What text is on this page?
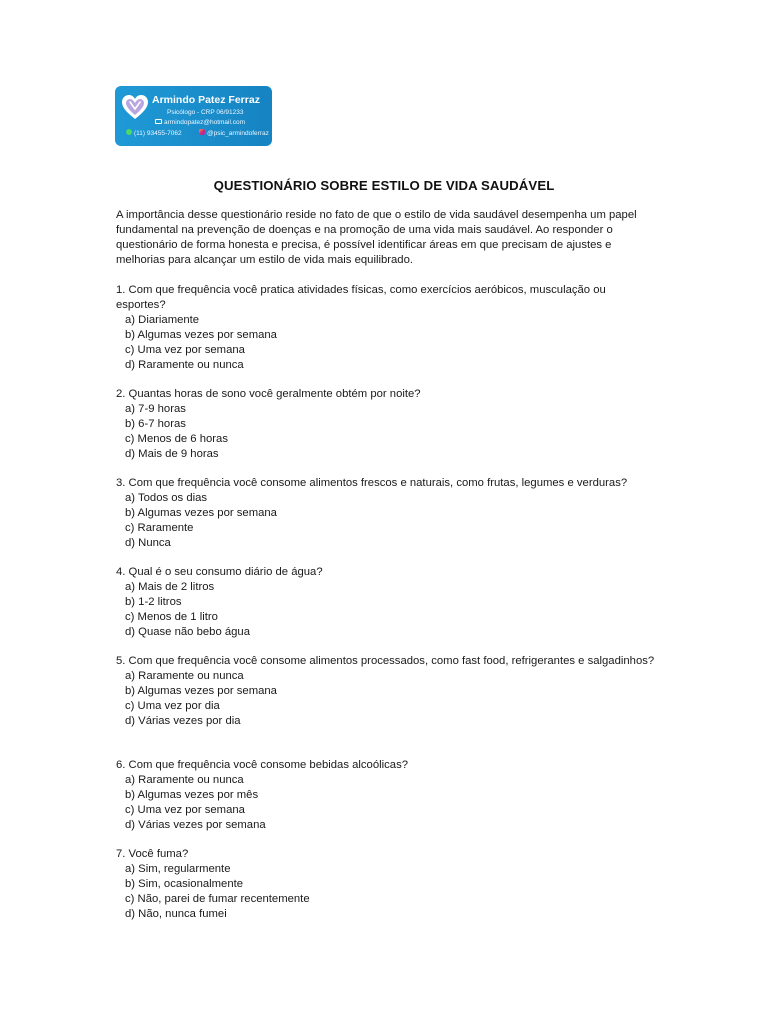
Armindo Patez Ferraz
Psicólogo - CRP 06/91233
armindopatez@hotmail.com
(11) 93455-7062	@psic_armindoferraz
QUESTIONÁRIO SOBRE ESTILO DE VIDA SAUDÁVEL
A importância desse questionário reside no fato de que o estilo de vida saudável desempenha um papel fundamental na prevenção de doenças e na promoção de uma vida mais saudável. Ao responder o questionário de forma honesta e precisa, é possível identificar áreas em que precisam de ajustes e melhorias para alcançar um estilo de vida mais equilibrado.

1. Com que frequência você pratica atividades físicas, como exercícios aeróbicos, musculação ou esportes?

a) Diariamente

b) Algumas vezes por semana

c) Uma vez por semana

d) Raramente ou nunca

2. Quantas horas de sono você geralmente obtém por noite?

a) 7-9 horas

b) 6-7 horas

c) Menos de 6 horas

d) Mais de 9 horas

3. Com que frequência você consome alimentos frescos e naturais, como frutas, legumes e verduras?

a) Todos os dias

b) Algumas vezes por semana

c) Raramente

d) Nunca

4. Qual é o seu consumo diário de água?

a) Mais de 2 litros

b) 1-2 litros

c) Menos de 1 litro

d) Quase não bebo água

5. Com que frequência você consome alimentos processados, como fast food, refrigerantes e salgadinhos?

a) Raramente ou nunca

b) Algumas vezes por semana

c) Uma vez por dia

d) Várias vezes por dia

6. Com que frequência você consome bebidas alcoólicas?

a) Raramente ou nunca

b) Algumas vezes por mês

c) Uma vez por semana

d) Várias vezes por semana

7. Você fuma?

a) Sim, regularmente

b) Sim, ocasionalmente

c) Não, parei de fumar recentemente

d) Não, nunca fumei
